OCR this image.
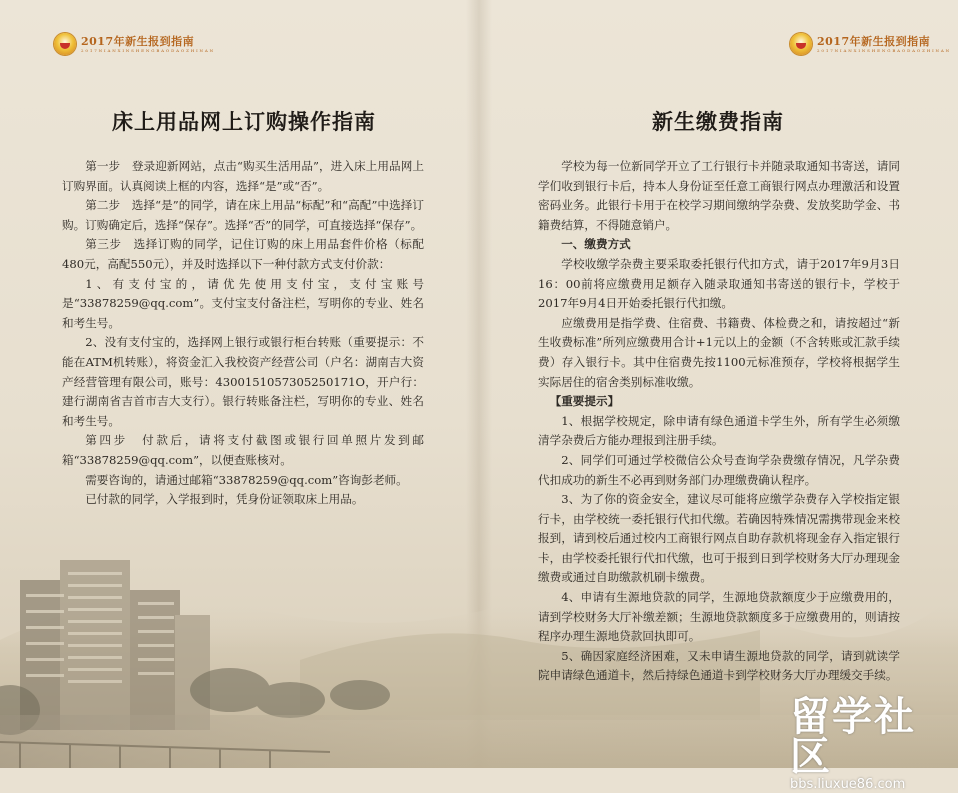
2017年新生报到指南
2 0 1 7 N I A N X I N S H E N G B A O D A O Z H I N A N
2017年新生报到指南
2 0 1 7 N I A N X I N S H E N G B A O D A O Z H I N A N
床上用品网上订购操作指南

第一步　登录迎新网站，点击“购买生活用品”，进入床上用品网上订购界面。认真阅读上框的内容，选择“是”或“否”。

第二步　选择“是”的同学，请在床上用品“标配”和“高配”中选择订购。订购确定后，选择“保存”。选择“否”的同学，可直接选择“保存”。

第三步　选择订购的同学，记住订购的床上用品套件价格（标配480元，高配550元），并及时选择以下一种付款方式支付价款：

1、有支付宝的，请优先使用支付宝，支付宝账号是“33878259@qq.com”。支付宝支付备注栏，写明你的专业、姓名和考生号。

2、没有支付宝的，选择网上银行或银行柜台转账（重要提示：不能在ATM机转账），将资金汇入我校资产经营公司（户名：湖南吉大资产经营管理有限公司，账号：4300151057305250171O，开户行：建行湖南省吉首市吉大支行）。银行转账备注栏，写明你的专业、姓名和考生号。

第四步　付款后，请将支付截图或银行回单照片发到邮箱“33878259@qq.com”，以便查账核对。

需要咨询的，请通过邮箱“33878259@qq.com”咨询彭老师。

已付款的同学，入学报到时，凭身份证领取床上用品。

新生缴费指南

学校为每一位新同学开立了工行银行卡并随录取通知书寄送，请同学们收到银行卡后，持本人身份证至任意工商银行网点办理激活和设置密码业务。此银行卡用于在校学习期间缴纳学杂费、发放奖助学金、书籍费结算，不得随意销户。

一、缴费方式

学校收缴学杂费主要采取委托银行代扣方式，请于2017年9月3日16：00前将应缴费用足额存入随录取通知书寄送的银行卡，学校于2017年9月4日开始委托银行代扣缴。

应缴费用是指学费、住宿费、书籍费、体检费之和，请按超过“新生收费标准”所列应缴费用合计+1元以上的金额（不含转账或汇款手续费）存入银行卡。其中住宿费先按1100元标准预存，学校将根据学生实际居住的宿舍类别标准收缴。

【重要提示】

1、根据学校规定，除申请有绿色通道卡学生外，所有学生必须缴清学杂费后方能办理报到注册手续。

2、同学们可通过学校微信公众号查询学杂费缴存情况，凡学杂费代扣成功的新生不必再到财务部门办理缴费确认程序。

3、为了你的资金安全，建议尽可能将应缴学杂费存入学校指定银行卡，由学校统一委托银行代扣代缴。若确因特殊情况需携带现金来校报到，请到校后通过校内工商银行网点自助存款机将现金存入指定银行卡，由学校委托银行代扣代缴，也可于报到日到学校财务大厅办理现金缴费或通过自助缴款机刷卡缴费。

4、申请有生源地贷款的同学，生源地贷款额度少于应缴费用的，请到学校财务大厅补缴差额；生源地贷款额度多于应缴费用的，则请按程序办理生源地贷款回执即可。

5、确因家庭经济困难，又未申请生源地贷款的同学，请到就读学院申请绿色通道卡，然后持绿色通道卡到学校财务大厅办理缓交手续。

留学社区
bbs.liuxue86.com
